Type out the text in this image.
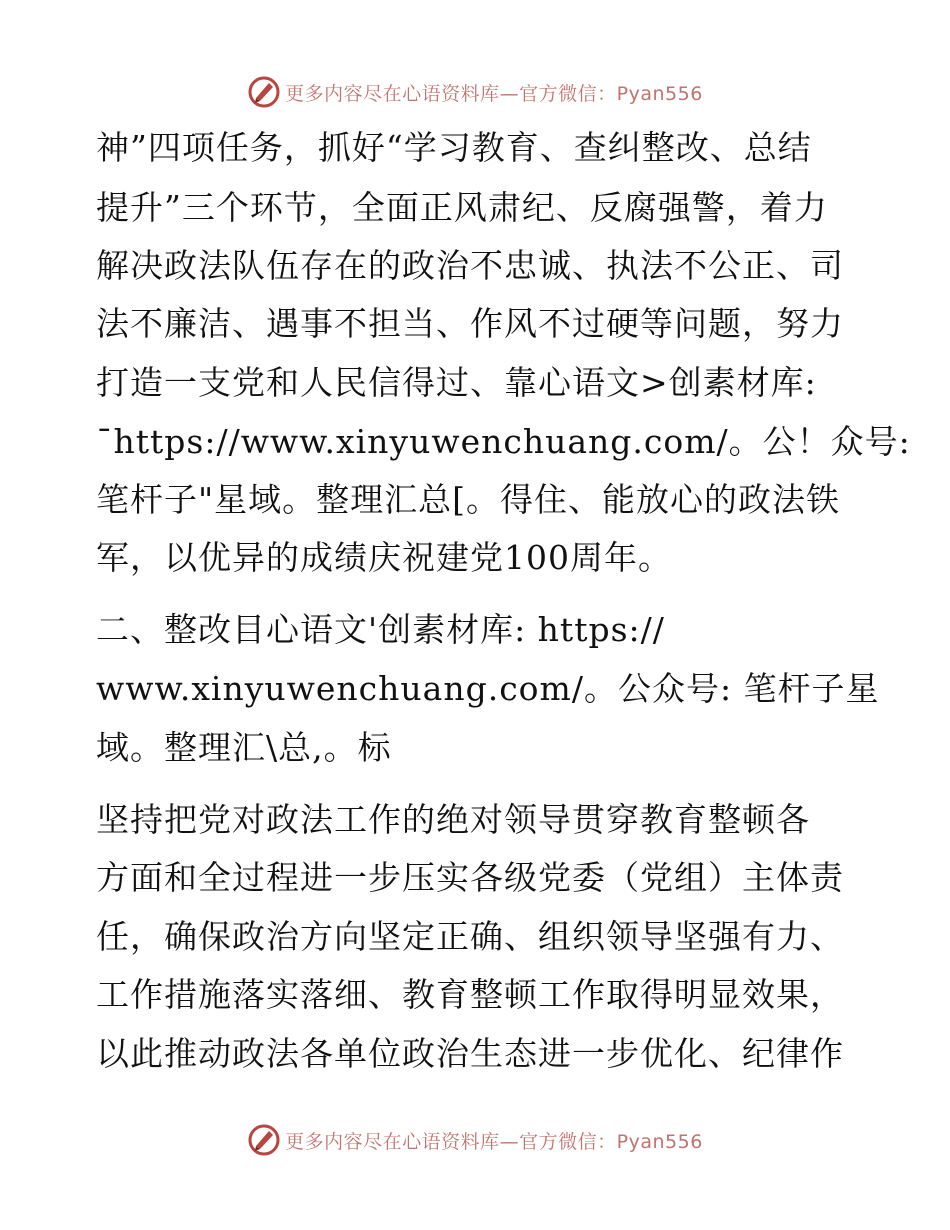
更多内容尽在心语资料库—官方微信：Pyan556
神”四项任务，抓好“学习教育、查纠整改、总结
提升”三个环节，全面正风肃纪、反腐强警，着力
解决政法队伍存在的政治不忠诚、执法不公正、司
法不廉洁、遇事不担当、作风不过硬等问题，努力
打造一支党和人民信得过、靠心语文>创素材库:
¯https://www.xinyuwenchuang.com/。公！众号:
笔杆子"星域。整理汇总[。得住、能放心的政法铁
军，以优异的成绩庆祝建党100周年。
二、整改目心语文'创素材库: https://
www.xinyuwenchuang.com/。公众号: 笔杆子星
域。整理汇\总,。标
坚持把党对政法工作的绝对领导贯穿教育整顿各
方面和全过程进一步压实各级党委（党组）主体责
任，确保政治方向坚定正确、组织领导坚强有力、
工作措施落实落细、教育整顿工作取得明显效果，
以此推动政法各单位政治生态进一步优化、纪律作
更多内容尽在心语资料库—官方微信：Pyan556
